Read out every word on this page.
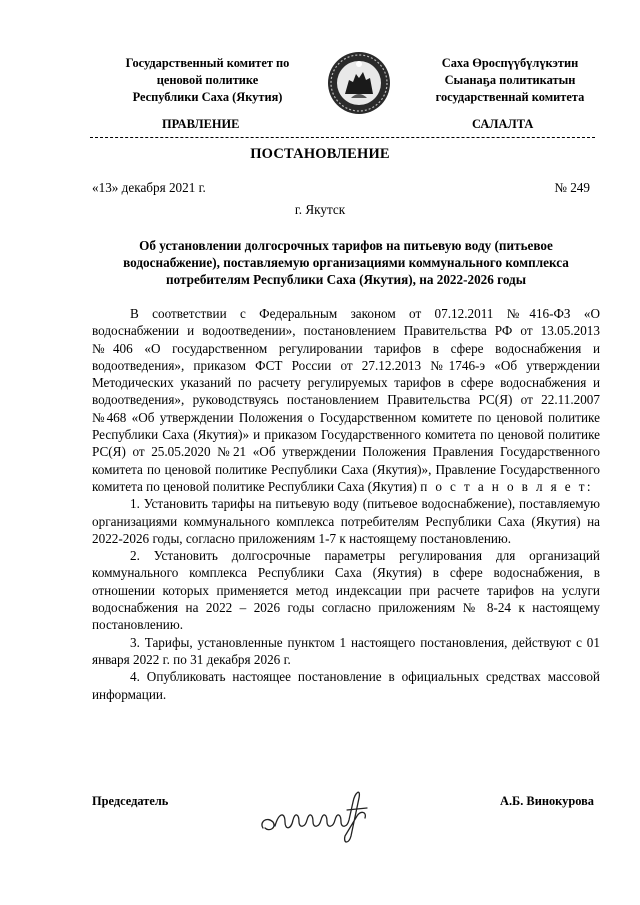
Государственный комитет по
ценовой политике
Республики Саха (Якутия)
Саха Өроспүүбүлүкэтин
Сыанаҕа политикатын
государственнай комитета
ПРАВЛЕНИЕ	САЛАЛТА
ПОСТАНОВЛЕНИЕ
«13» декабря 2021 г.	№ 249
г. Якутск
Об установлении долгосрочных тарифов на питьевую воду (питьевое водоснабжение), поставляемую организациями коммунального комплекса потребителям Республики Саха (Якутия), на 2022-2026 годы

В соответствии с Федеральным законом от 07.12.2011 №416-ФЗ «О водоснабжении и водоотведении», постановлением Правительства РФ от 13.05.2013 №406 «О государственном регулировании тарифов в сфере водоснабжения и водоотведения», приказом ФСТ России от 27.12.2013 №1746-э «Об утверждении Методических указаний по расчету регулируемых тарифов в сфере водоснабжения и водоотведения», руководствуясь постановлением Правительства РС(Я) от 22.11.2007 №468 «Об утверждении Положения о Государственном комитете по ценовой политике Республики Саха (Якутия)» и приказом Государственного комитета по ценовой политике РС(Я) от 25.05.2020 №21 «Об утверждении Положения Правления Государственного комитета по ценовой политике Республики Саха (Якутия)», Правление Государственного комитета по ценовой политике Республики Саха (Якутия) п о с т а н о в л я е т:

1. Установить тарифы на питьевую воду (питьевое водоснабжение), поставляемую организациями коммунального комплекса потребителям Республики Саха (Якутия) на 2022-2026 годы, согласно приложениям 1-7 к настоящему постановлению.

2. Установить долгосрочные параметры регулирования для организаций коммунального комплекса Республики Саха (Якутия) в сфере водоснабжения, в отношении которых применяется метод индексации при расчете тарифов на услуги водоснабжения на 2022 – 2026 годы согласно приложениям № 8-24 к настоящему постановлению.

3. Тарифы, установленные пунктом 1 настоящего постановления, действуют с 01 января 2022 г. по 31 декабря 2026 г.

4. Опубликовать настоящее постановление в официальных средствах массовой информации.

Председатель	А.Б. Винокурова
